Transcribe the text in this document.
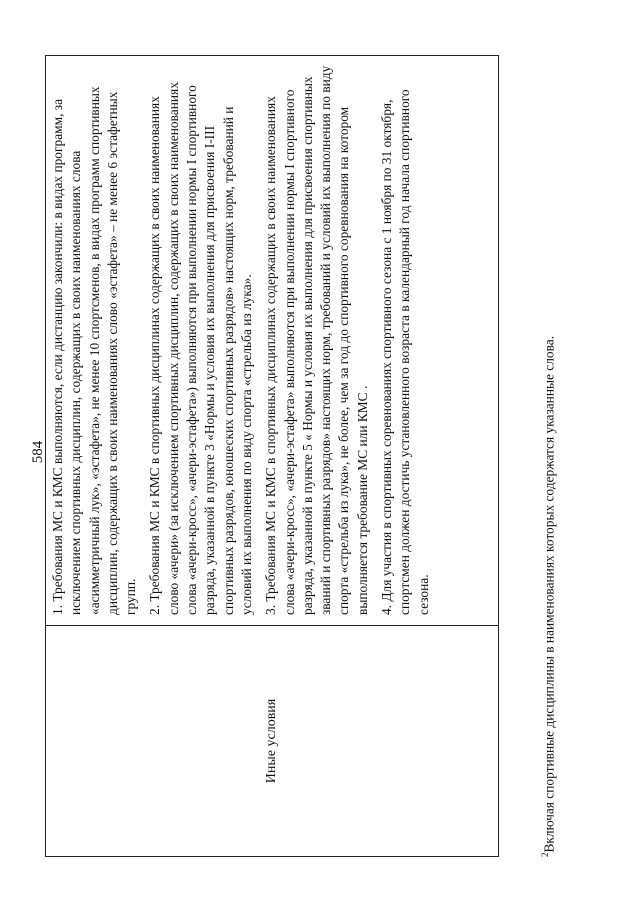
584
Иные условия

1. Требования МС и КМС выполняются, если дистанцию закончили: в видах программ, за исключением спортивных дисциплин, содержащих в своих наименованиях слова «асимметричный лук», «эстафета», не менее 10 спортсменов, в видах программ спортивных дисциплин, содержащих в своих наименованиях слово «эстафета» – не менее 6 эстафетных групп. 2. Требования МС и КМС в спортивных дисциплинах содержащих в своих наименованиях слово «ачери» (за исключением спортивных дисциплин, содержащих в своих наименованиях слова «ачери-кросс», «ачери-эстафета») выполняются при выполнении нормы I спортивного разряда, указанной в пункте 3 «Нормы и условия их выполнения для присвоения I-III спортивных разрядов, юношеских спортивных разрядов» настоящих норм, требований и условий их выполнения по виду спорта «стрельба из лука». 3. Требования МС и КМС в спортивных дисциплинах содержащих в своих наименованиях слова «ачери-кросс», «ачери-эстафета» выполняются при выполнении нормы I спортивного разряда, указанной в пункте 5 « Нормы и условия их выполнения для присвоения спортивных званий и спортивных разрядов» настоящих норм, требований и условий их выполнения по виду спорта «стрельба из лука», не более, чем за год до спортивного соревнования на котором выполняется требование МС или КМС . 4. Для участия в спортивных соревнованиях спортивного сезона с 1 ноября по 31 октября, спортсмен должен достичь установленного возраста в календарный год начала спортивного сезона.

$^2$Включая спортивные дисциплины в наименованиях которых содержатся указанные слова.
